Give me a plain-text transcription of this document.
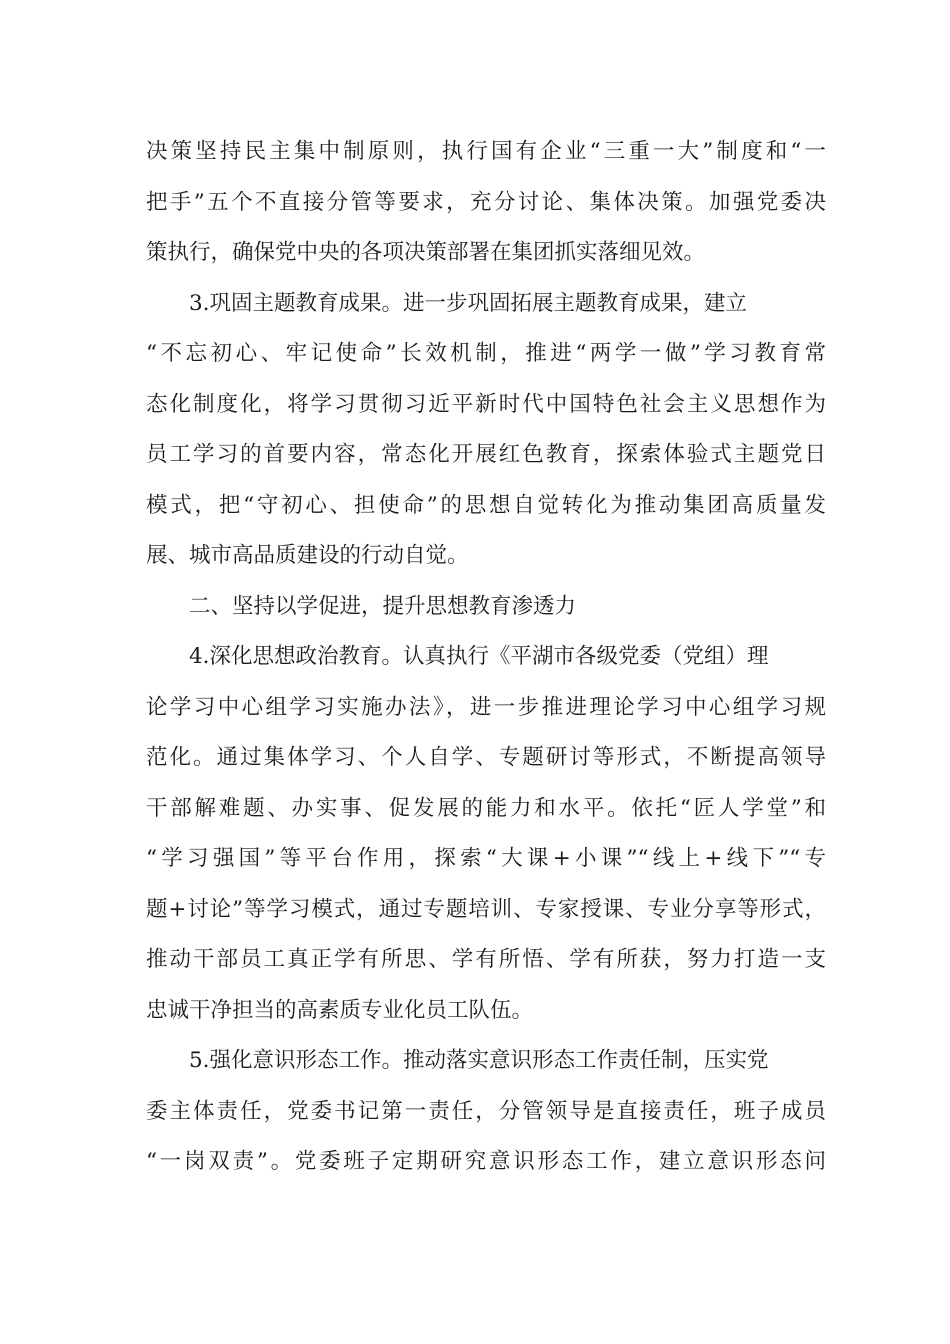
决策坚持民主集中制原则，执行国有企业“三重一大”制度和“一
把手”五个不直接分管等要求，充分讨论、集体决策。加强党委决
策执行，确保党中央的各项决策部署在集团抓实落细见效。
3.巩固主题教育成果。进一步巩固拓展主题教育成果，建立
“不忘初心、牢记使命”长效机制，推进“两学一做”学习教育常
态化制度化，将学习贯彻习近平新时代中国特色社会主义思想作为
员工学习的首要内容，常态化开展红色教育，探索体验式主题党日
模式，把“守初心、担使命”的思想自觉转化为推动集团高质量发
展、城市高品质建设的行动自觉。
二、坚持以学促进，提升思想教育渗透力
4.深化思想政治教育。认真执行《平湖市各级党委（党组）理
论学习中心组学习实施办法》，进一步推进理论学习中心组学习规
范化。通过集体学习、个人自学、专题研讨等形式，不断提高领导
干部解难题、办实事、促发展的能力和水平。依托“匠人学堂”和
“学习强国”等平台作用，探索“大课+小课”“线上+线下”“专
题+讨论”等学习模式，通过专题培训、专家授课、专业分享等形式，
推动干部员工真正学有所思、学有所悟、学有所获，努力打造一支
忠诚干净担当的高素质专业化员工队伍。
5.强化意识形态工作。推动落实意识形态工作责任制，压实党
委主体责任，党委书记第一责任，分管领导是直接责任，班子成员
“一岗双责”。党委班子定期研究意识形态工作，建立意识形态问
